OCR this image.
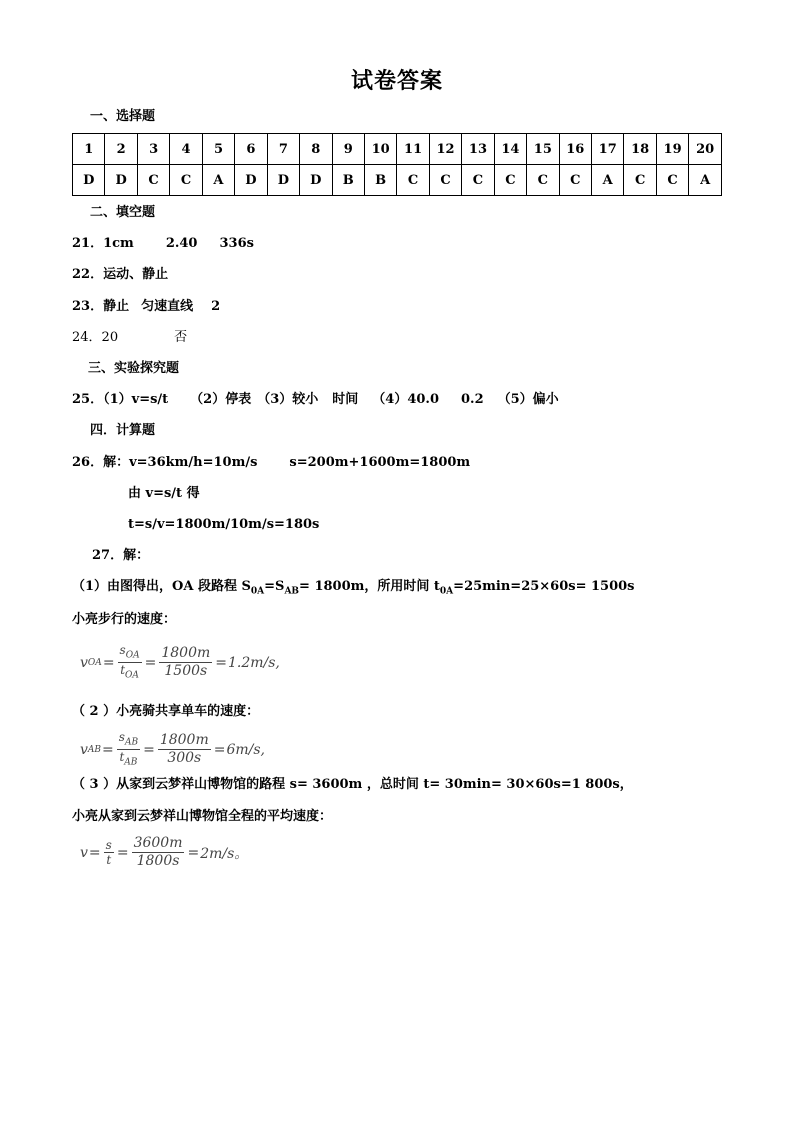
试卷答案
一、选择题
1	2	3	4	5	6	7	8	9	10	11	12	13	14	15	16	17	18	19	20
D	D	C	C	A	D	D	D	B	B	C	C	C	C	C	C	A	C	C	A
二、填空题
21．1cm 2.40 336s
22．运动、静止
23．静止 匀速直线 2
24．20	否
三、实验探究题
25．（1）v=s/t （2）停表 （3）较小 时间 （4）40.0 0.2 （5）偏小
四．计算题
26．解：v=36km/h=10m/s s=200m+1600m=1800m
由 v=s/t 得
t=s/v=1800m/10m/s=180s
27．解：
（1）由图得出，OA 段路程 $S_{0A}=S_{AB}= 1800m$，所用时间 $t_{0A}=25\min=25\times 60s= 1500s$
小亮步行的速度：
v OA = $\frac{s_{OA}}{t_{OA}} = \frac{1800m}{1500s} = 1.2m/s$,
（ 2 ）小亮骑共享单车的速度：
v AB = $\frac{s_{AB}}{t_{AB}} = \frac{1800m}{300s} = 6m/s$,
（ 3 ）从家到云梦祥山博物馆的路程 s= 3600m ，总时间 t= 30min= 30×60s=1 800s，
小亮从家到云梦祥山博物馆全程的平均速度：
$v = \frac{s}{t} = \frac{3600m}{1800s} = 2m/s$。
